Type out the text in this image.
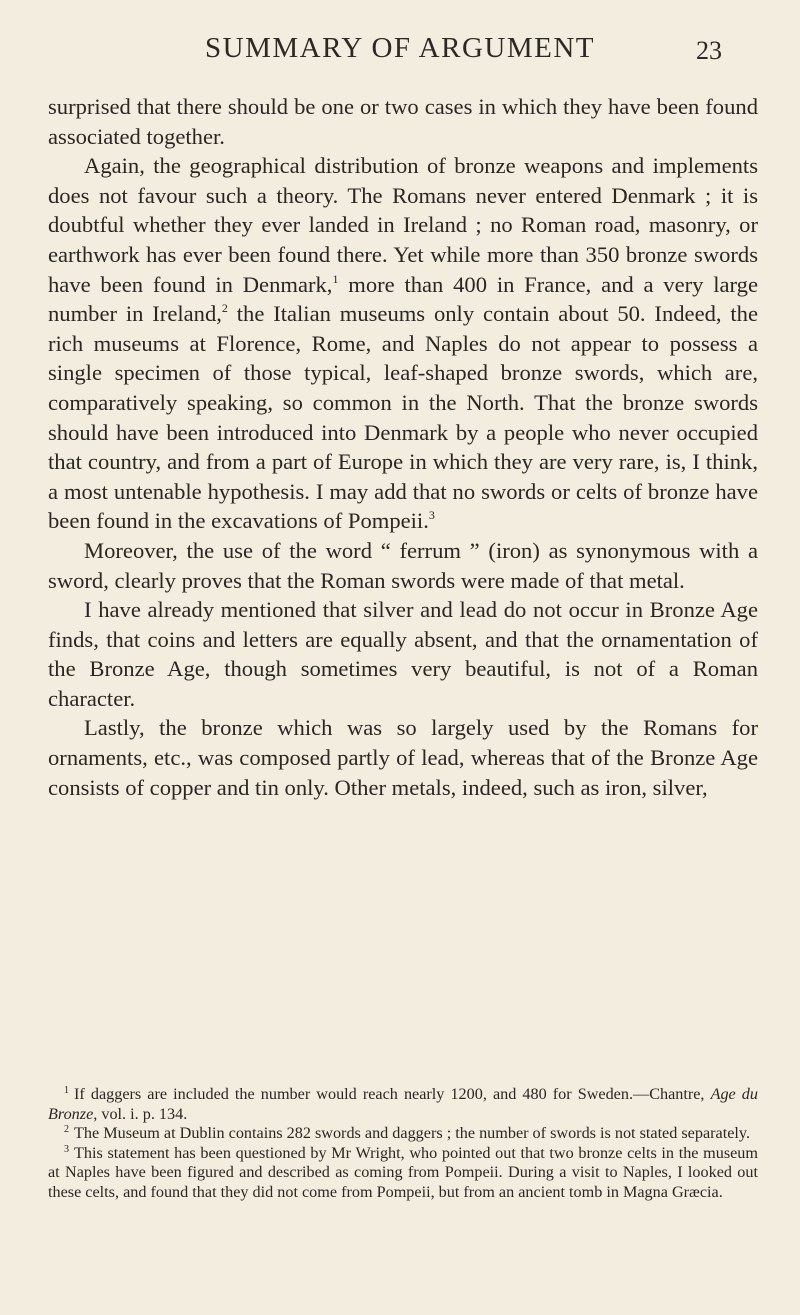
SUMMARY OF ARGUMENT	23

surprised that there should be one or two cases in which they have been found associated together.

Again, the geographical distribution of bronze weapons and implements does not favour such a theory. The Romans never entered Denmark ; it is doubtful whether they ever landed in Ireland ; no Roman road, masonry, or earthwork has ever been found there. Yet while more than 350 bronze swords have been found in Denmark,$^1$ more than 400 in France, and a very large number in Ireland,$^2$ the Italian museums only contain about 50. Indeed, the rich museums at Florence, Rome, and Naples do not appear to possess a single specimen of those typical, leaf-shaped bronze swords, which are, comparatively speaking, so common in the North. That the bronze swords should have been introduced into Denmark by a people who never occupied that country, and from a part of Europe in which they are very rare, is, I think, a most untenable hypothesis. I may add that no swords or celts of bronze have been found in the excavations of Pompeii.$^3$

Moreover, the use of the word “ ferrum ” (iron) as synonymous with a sword, clearly proves that the Roman swords were made of that metal.

I have already mentioned that silver and lead do not occur in Bronze Age finds, that coins and letters are equally absent, and that the ornamentation of the Bronze Age, though sometimes very beautiful, is not of a Roman character.

Lastly, the bronze which was so largely used by the Romans for ornaments, etc., was composed partly of lead, whereas that of the Bronze Age consists of copper and tin only. Other metals, indeed, such as iron, silver,

$^1$ If daggers are included the number would reach nearly 1200, and 480 for Sweden.—Chantre, Age du Bronze, vol. i. p. 134.

$^2$ The Museum at Dublin contains 282 swords and daggers ; the number of swords is not stated separately.

$^3$ This statement has been questioned by Mr Wright, who pointed out that two bronze celts in the museum at Naples have been figured and described as coming from Pompeii. During a visit to Naples, I looked out these celts, and found that they did not come from Pompeii, but from an ancient tomb in Magna Græcia.
